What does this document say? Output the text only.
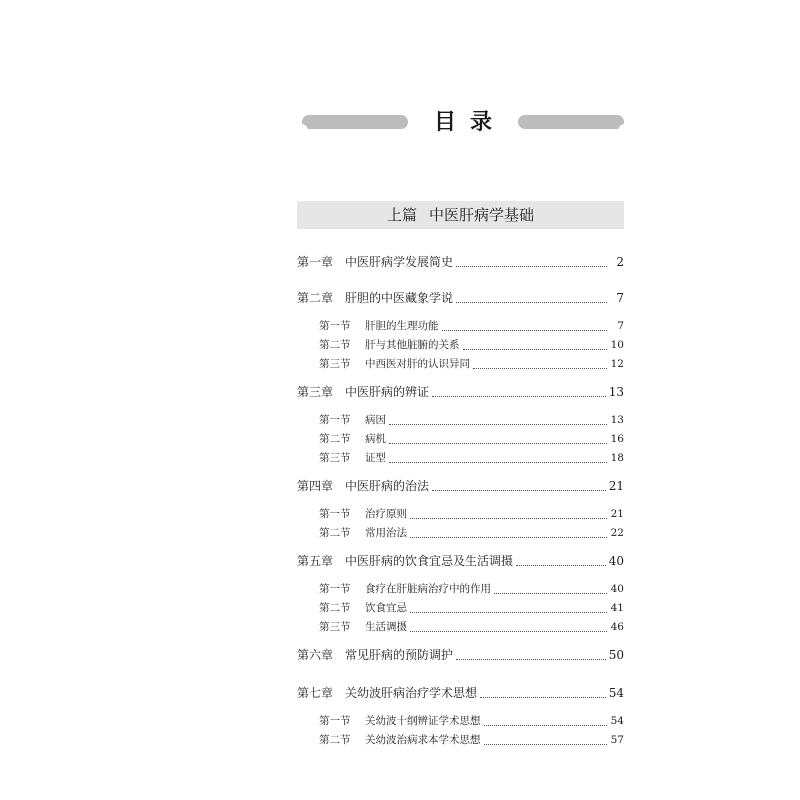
目录
上篇 中医肝病学基础
第一章 中医肝病学发展简史	2
第二章 肝胆的中医藏象学说	7
第一节	肝胆的生理功能	7
第二节	肝与其他脏腑的关系	10
第三节	中西医对肝的认识异同	12
第三章 中医肝病的辨证	13
第一节	病因	13
第二节	病机	16
第三节	证型	18
第四章 中医肝病的治法	21
第一节	治疗原则	21
第二节	常用治法	22
第五章 中医肝病的饮食宜忌及生活调摄	40
第一节	食疗在肝脏病治疗中的作用	40
第二节	饮食宜忌	41
第三节	生活调摄	46
第六章 常见肝病的预防调护	50
第七章 关幼波肝病治疗学术思想	54
第一节	关幼波十纲辨证学术思想	54
第二节	关幼波治病求本学术思想	57
